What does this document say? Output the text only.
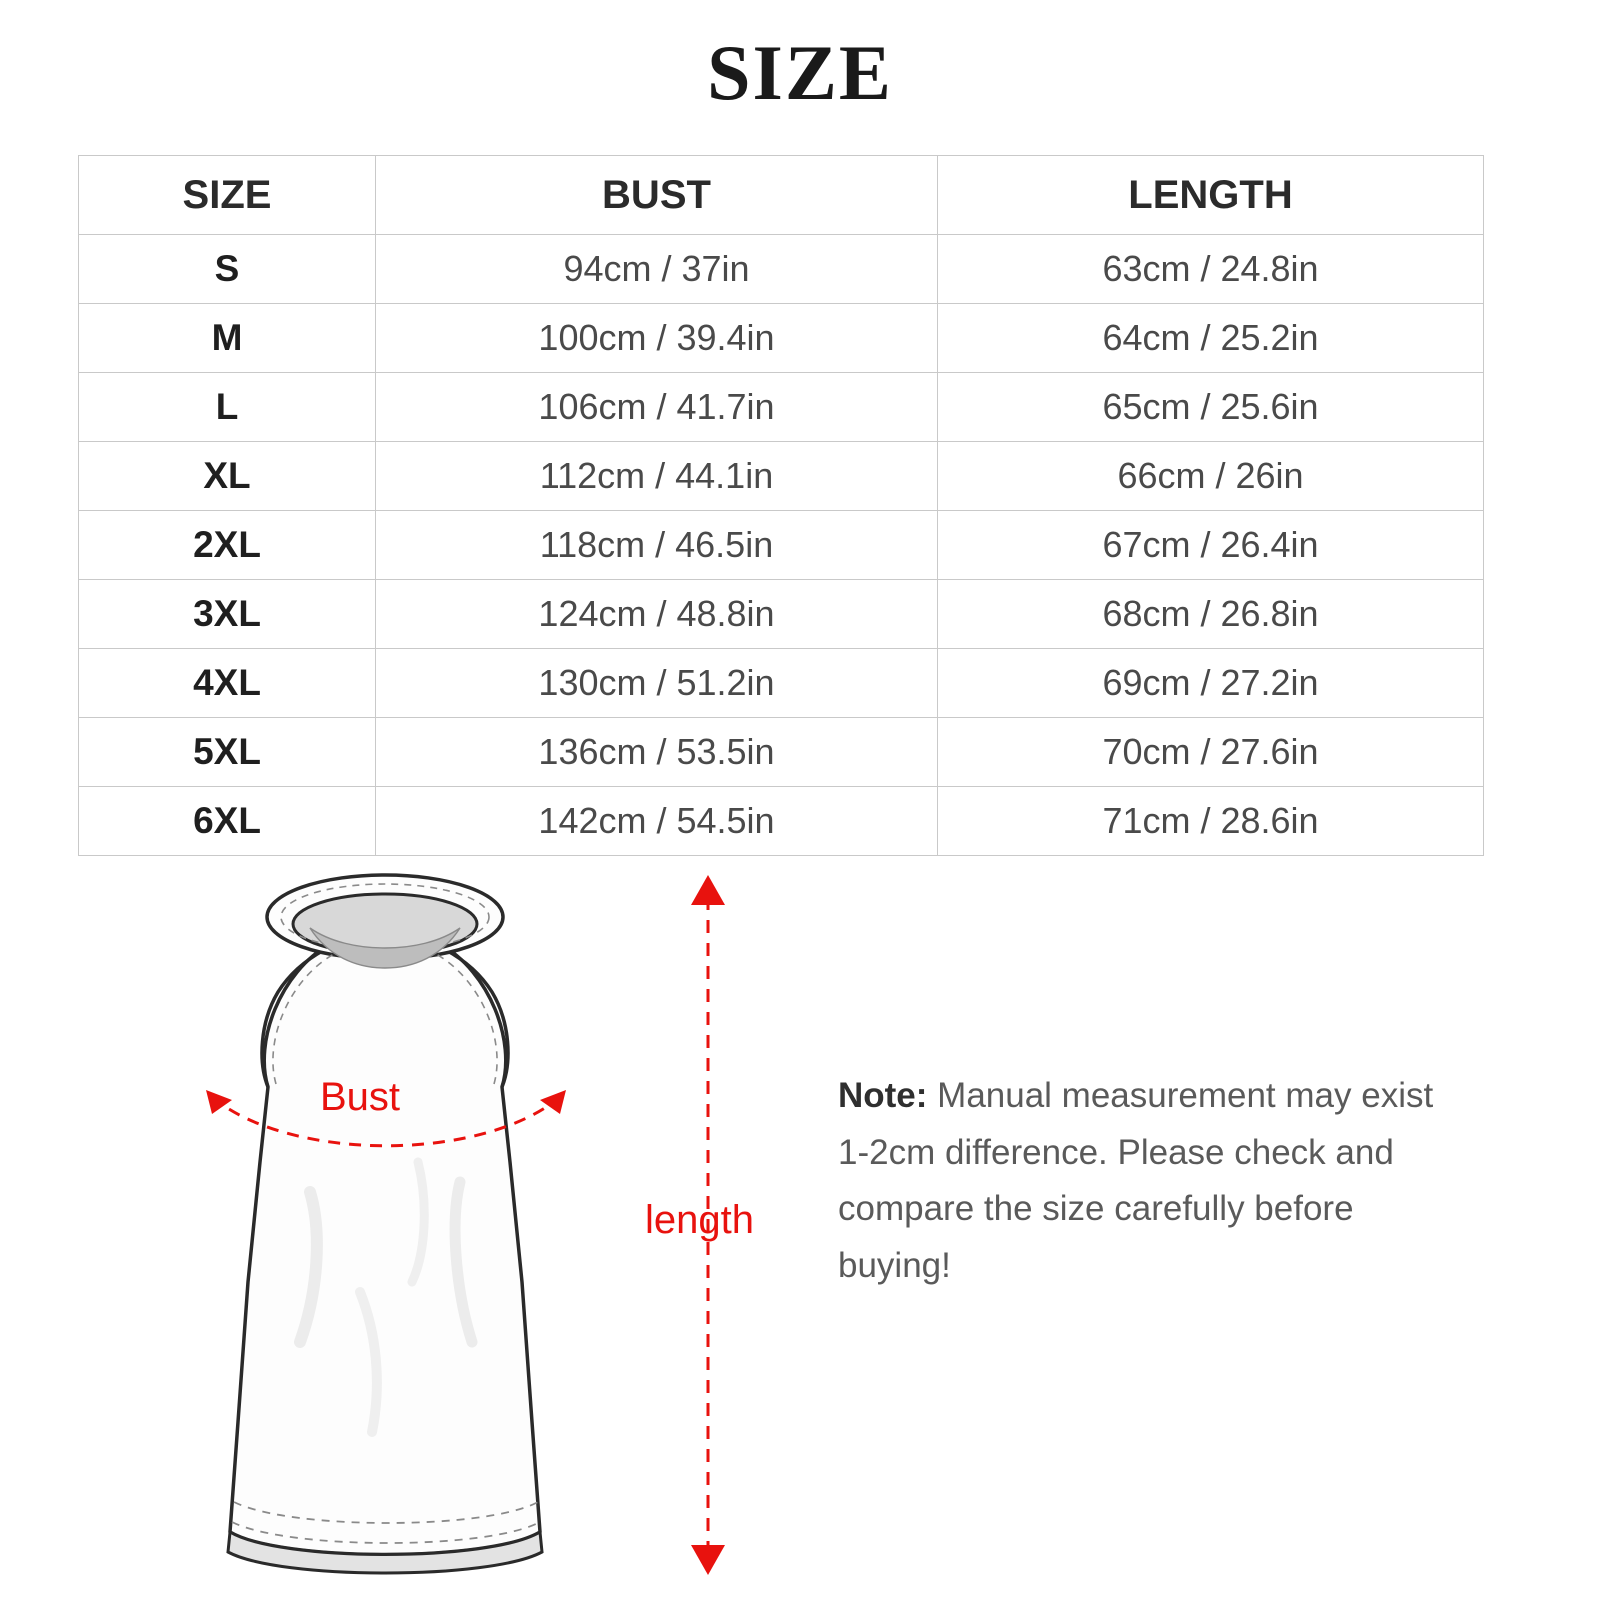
SIZE
SIZE	BUST	LENGTH
S	94cm / 37in	63cm / 24.8in
M	100cm / 39.4in	64cm / 25.2in
L	106cm / 41.7in	65cm / 25.6in
XL	112cm / 44.1in	66cm / 26in
2XL	118cm / 46.5in	67cm / 26.4in
3XL	124cm / 48.8in	68cm / 26.8in
4XL	130cm / 51.2in	69cm / 27.2in
5XL	136cm / 53.5in	70cm / 27.6in
6XL	142cm / 54.5in	71cm / 28.6in
Bust
length
Note: Manual measurement may exist 1-2cm difference. Please check and compare the size carefully before buying!
